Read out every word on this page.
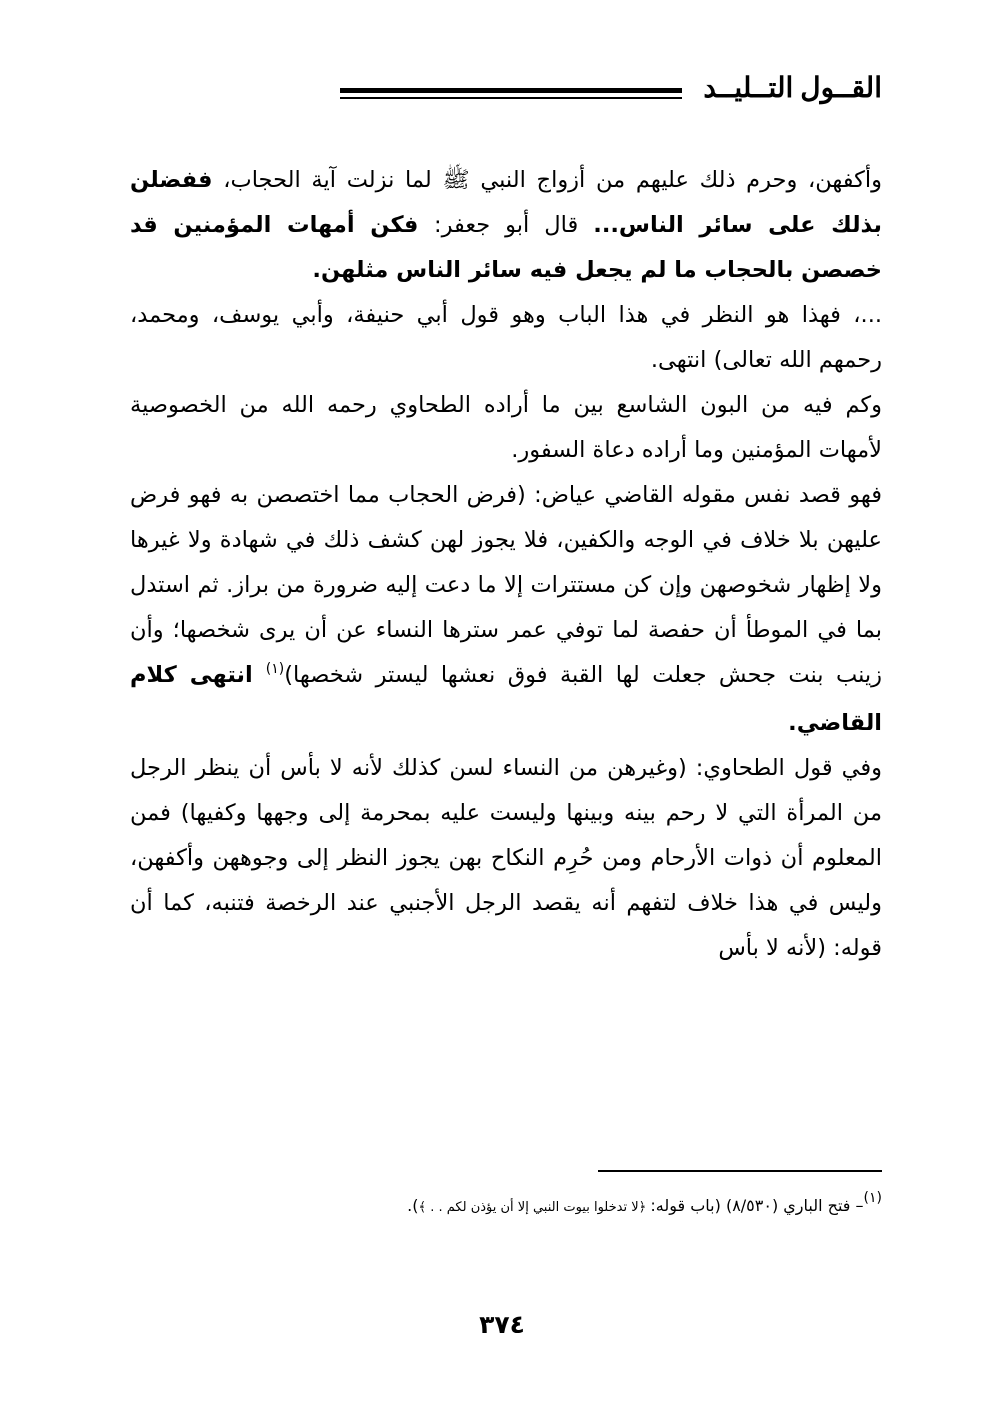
القــول التــليــد

وأكفهن، وحرم ذلك عليهم من أزواج النبي ﷺ لما نزلت آية الحجاب، ففضلن بذلك على سائر الناس... قال أبو جعفر: فكن أمهات المؤمنين قد خصصن بالحجاب ما لم يجعل فيه سائر الناس مثلهن.

...، فهذا هو النظر في هذا الباب وهو قول أبي حنيفة، وأبي يوسف، ومحمد، رحمهم الله تعالى) انتهى.

وكم فيه من البون الشاسع بين ما أراده الطحاوي رحمه الله من الخصوصية لأمهات المؤمنين وما أراده دعاة السفور.

فهو قصد نفس مقوله القاضي عياض: (فرض الحجاب مما اختصصن به فهو فرض عليهن بلا خلاف في الوجه والكفين، فلا يجوز لهن كشف ذلك في شهادة ولا غيرها ولا إظهار شخوصهن وإن كن مستترات إلا ما دعت إليه ضرورة من براز. ثم استدل بما في الموطأ أن حفصة لما توفي عمر سترها النساء عن أن يرى شخصها؛ وأن زينب بنت جحش جعلت لها القبة فوق نعشها ليستر شخصها)$^{(١)}$ انتهى كلام القاضي.

وفي قول الطحاوي: (وغيرهن من النساء لسن كذلك لأنه لا بأس أن ينظر الرجل من المرأة التي لا رحم بينه وبينها وليست عليه بمحرمة إلى وجهها وكفيها) فمن المعلوم أن ذوات الأرحام ومن حُرِم النكاح بهن يجوز النظر إلى وجوههن وأكفهن، وليس في هذا خلاف لتفهم أنه يقصد الرجل الأجنبي عند الرخصة فتنبه، كما أن قوله: (لأنه لا بأس

(١)– فتح الباري (٨/٥٣٠) (باب قوله: ﴿لا تدخلوا بيوت النبي إلا أن يؤذن لكم . . ﴾).
٣٧٤
